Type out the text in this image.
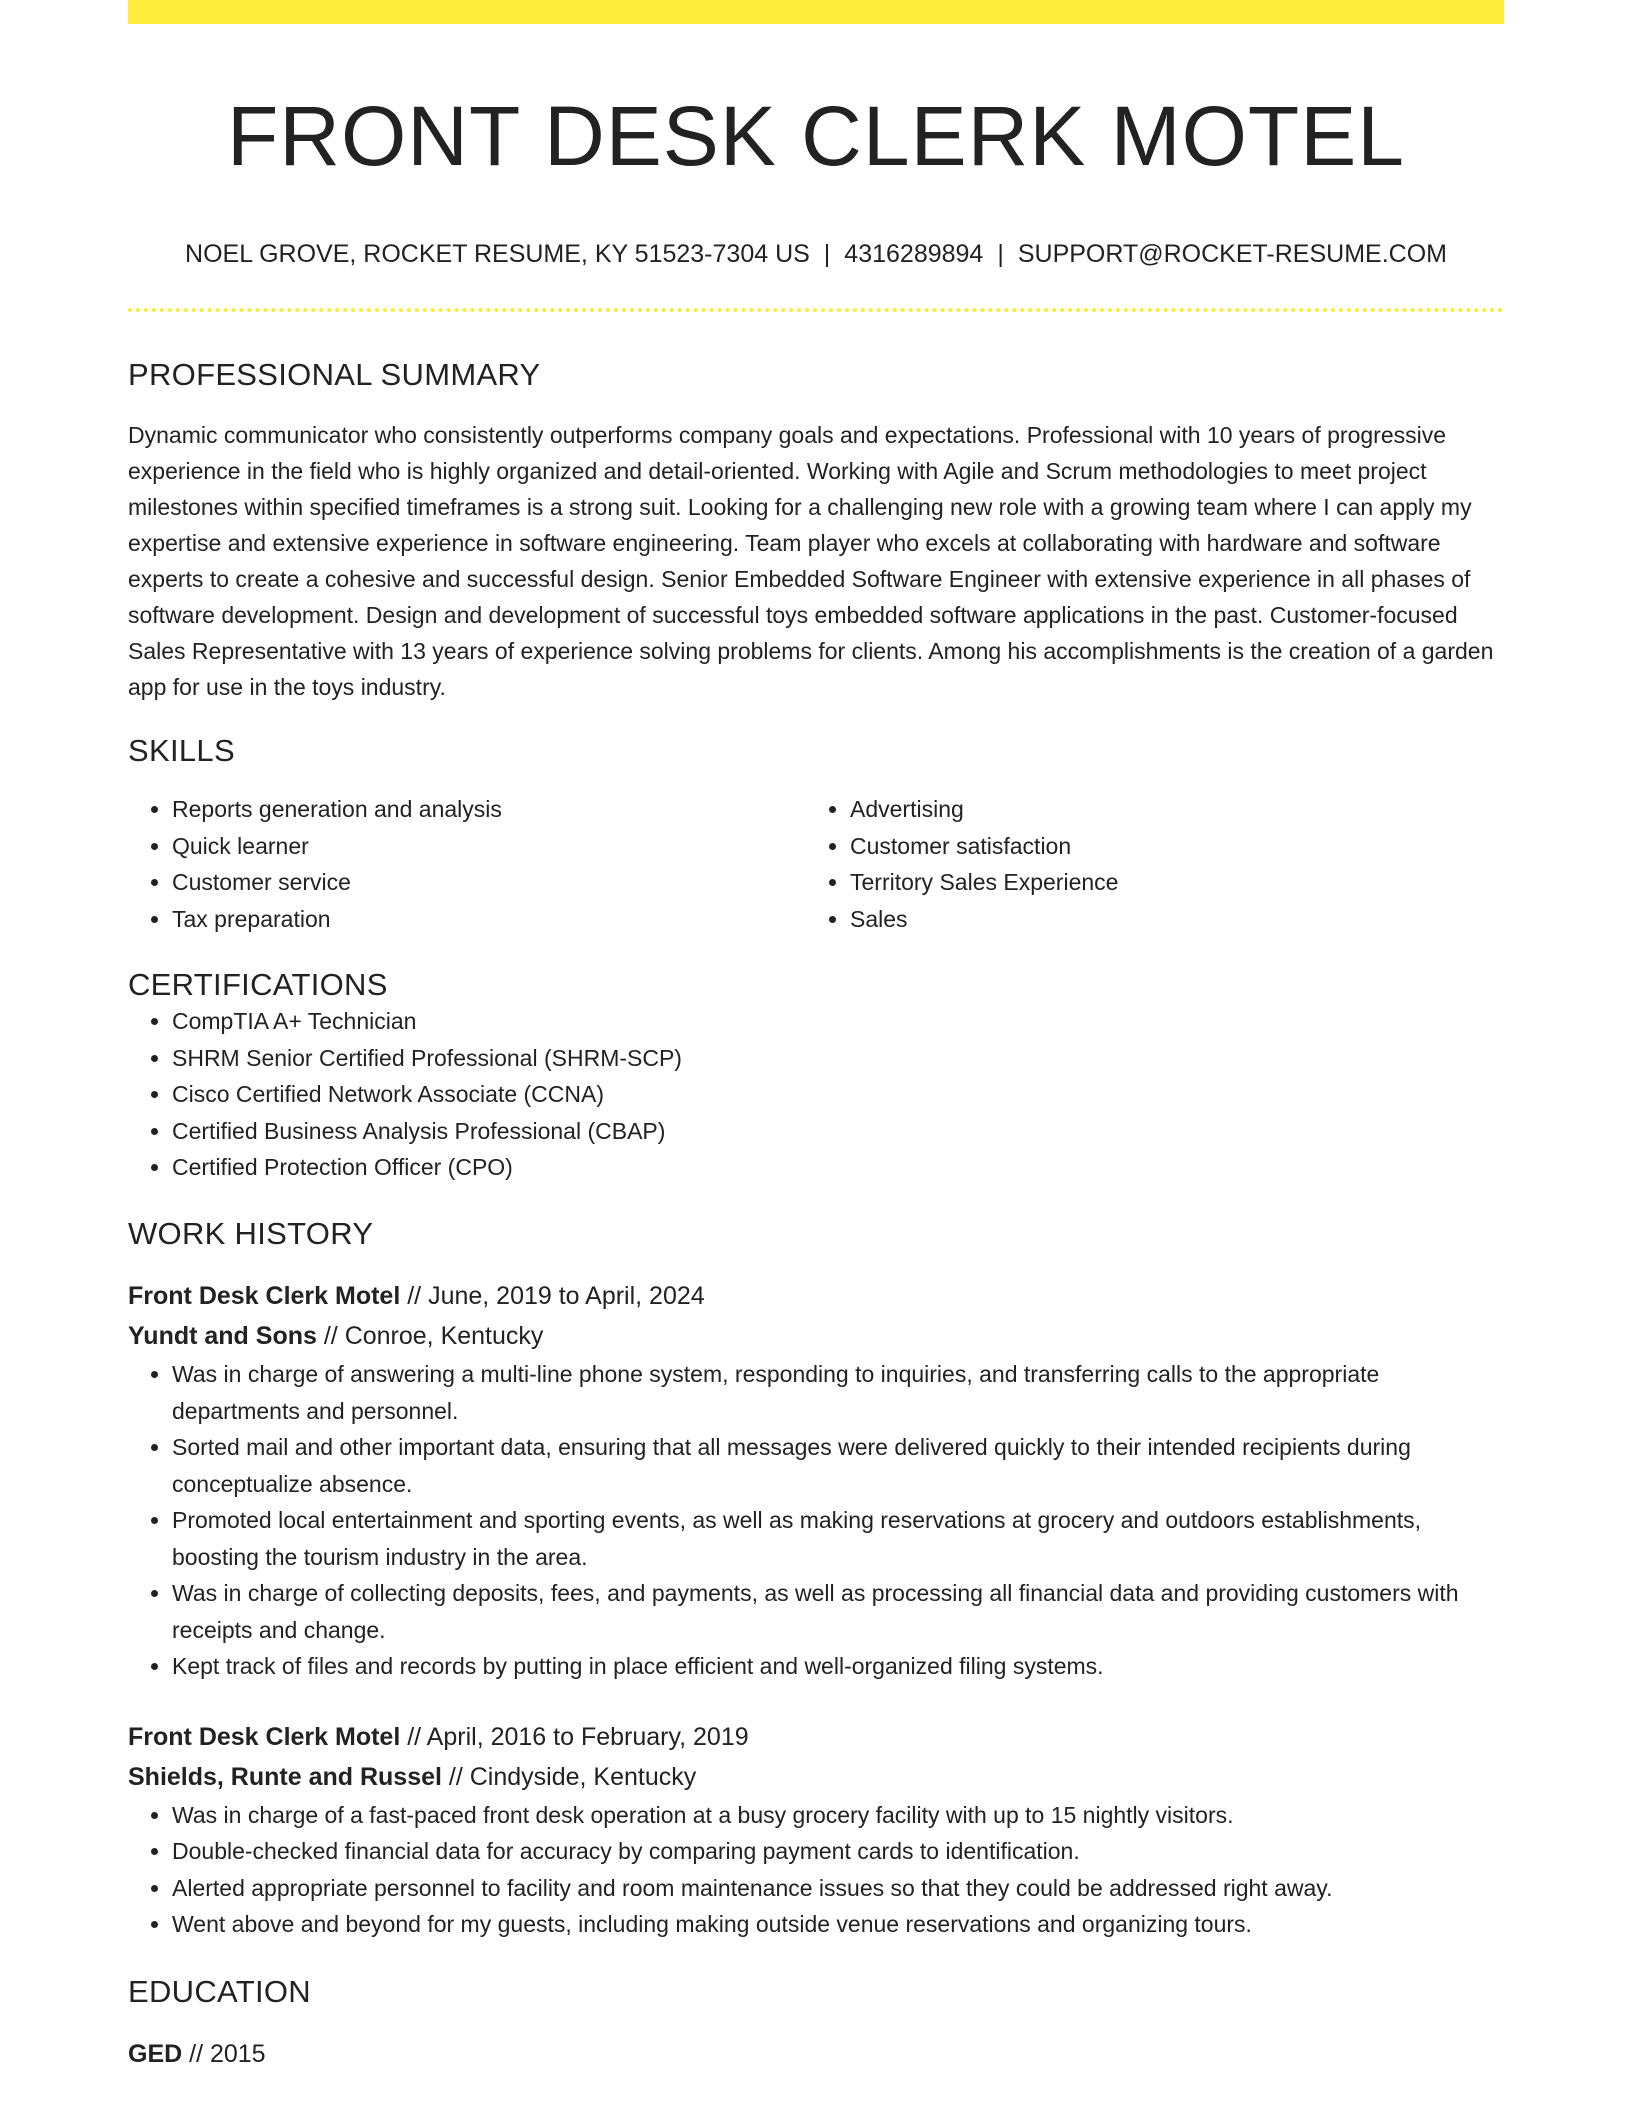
FRONT DESK CLERK MOTEL
NOEL GROVE, ROCKET RESUME, KY 51523-7304 US | 4316289894 | SUPPORT@ROCKET-RESUME.COM
PROFESSIONAL SUMMARY

Dynamic communicator who consistently outperforms company goals and expectations. Professional with 10 years of progressive experience in the field who is highly organized and detail-oriented. Working with Agile and Scrum methodologies to meet project milestones within specified timeframes is a strong suit. Looking for a challenging new role with a growing team where I can apply my expertise and extensive experience in software engineering. Team player who excels at collaborating with hardware and software experts to create a cohesive and successful design. Senior Embedded Software Engineer with extensive experience in all phases of software development. Design and development of successful toys embedded software applications in the past. Customer-focused Sales Representative with 13 years of experience solving problems for clients. Among his accomplishments is the creation of a garden app for use in the toys industry.

SKILLS
• Reports generation and analysis
• Quick learner
• Customer service
• Tax preparation
• Advertising
• Customer satisfaction
• Territory Sales Experience
• Sales
CERTIFICATIONS
• CompTIA A+ Technician
• SHRM Senior Certified Professional (SHRM-SCP)
• Cisco Certified Network Associate (CCNA)
• Certified Business Analysis Professional (CBAP)
• Certified Protection Officer (CPO)
WORK HISTORY

Front Desk Clerk Motel // June, 2019 to April, 2024

Yundt and Sons // Conroe, Kentucky

• Was in charge of answering a multi-line phone system, responding to inquiries, and transferring calls to the appropriate departments and personnel.
• Sorted mail and other important data, ensuring that all messages were delivered quickly to their intended recipients during conceptualize absence.
• Promoted local entertainment and sporting events, as well as making reservations at grocery and outdoors establishments, boosting the tourism industry in the area.
• Was in charge of collecting deposits, fees, and payments, as well as processing all financial data and providing customers with receipts and change.
• Kept track of files and records by putting in place efficient and well-organized filing systems.

Front Desk Clerk Motel // April, 2016 to February, 2019

Shields, Runte and Russel // Cindyside, Kentucky

• Was in charge of a fast-paced front desk operation at a busy grocery facility with up to 15 nightly visitors.
• Double-checked financial data for accuracy by comparing payment cards to identification.
• Alerted appropriate personnel to facility and room maintenance issues so that they could be addressed right away.
• Went above and beyond for my guests, including making outside venue reservations and organizing tours.
EDUCATION

GED // 2015
